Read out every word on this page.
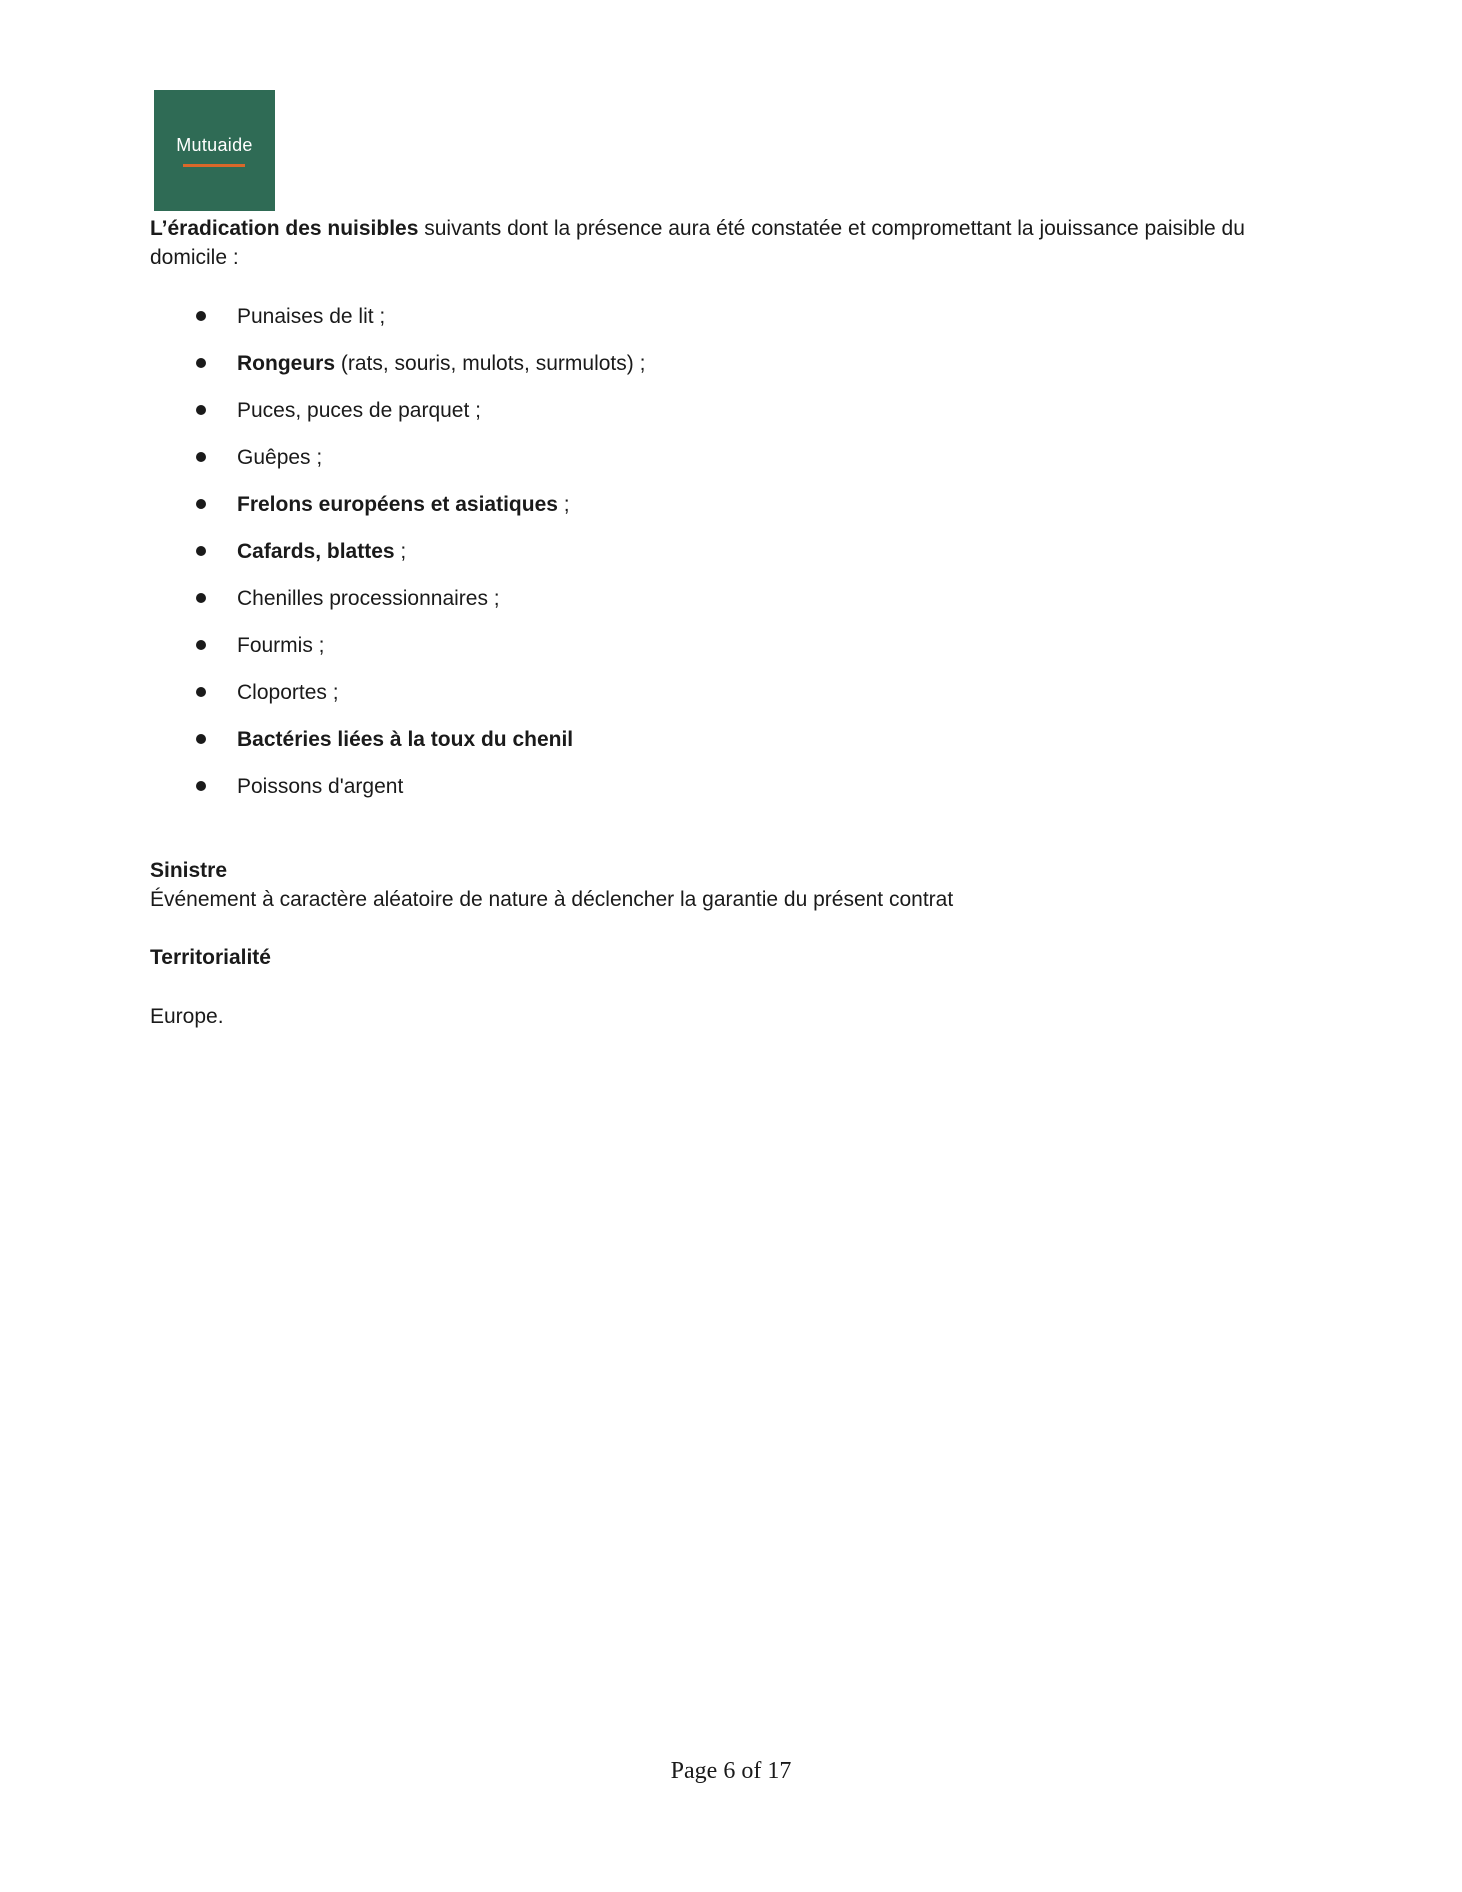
Mutuaide

L’éradication des nuisibles suivants dont la présence aura été constatée et compromettant la jouissance paisible du domicile :

Punaises de lit ;
Rongeurs (rats, souris, mulots, surmulots) ;
Puces, puces de parquet ;
Guêpes ;
Frelons européens et asiatiques ;
Cafards, blattes ;
Chenilles processionnaires ;
Fourmis ;
Cloportes ;
Bactéries liées à la toux du chenil
Poissons d'argent

Sinistre

Événement à caractère aléatoire de nature à déclencher la garantie du présent contrat

Territorialité

Europe.

Page 6 of 17
